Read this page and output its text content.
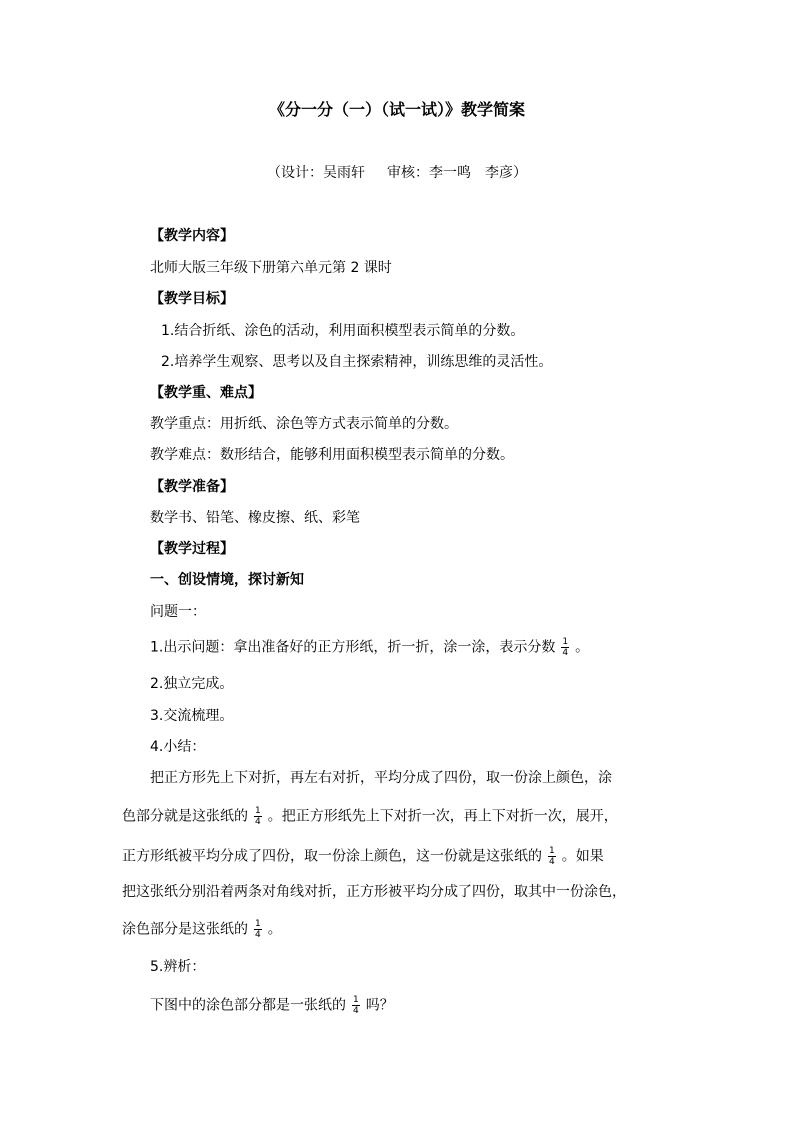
《分一分（一）（试一试）》教学简案
（设计：吴雨轩 审核：李一鸣 李彦）
【教学内容】
北师大版三年级下册第六单元第 2 课时
【教学目标】
1.结合折纸、涂色的活动，利用面积模型表示简单的分数。
2.培养学生观察、思考以及自主探索精神，训练思维的灵活性。
【教学重、难点】
教学重点：用折纸、涂色等方式表示简单的分数。
教学难点：数形结合，能够利用面积模型表示简单的分数。
【教学准备】
数学书、铅笔、橡皮擦、纸、彩笔
【教学过程】
一、创设情境，探讨新知
问题一：
1.出示问题：拿出准备好的正方形纸，折一折，涂一涂，表示分数 $\frac{1}{4}$ 。
2.独立完成。
3.交流梳理。
4.小结：
把正方形先上下对折，再左右对折，平均分成了四份，取一份涂上颜色，涂
色部分就是这张纸的 $\frac{1}{4}$ 。把正方形纸先上下对折一次，再上下对折一次，展开，
正方形纸被平均分成了四份，取一份涂上颜色，这一份就是这张纸的 $\frac{1}{4}$ 。如果
把这张纸分别沿着两条对角线对折，正方形被平均分成了四份，取其中一份涂色，
涂色部分是这张纸的 $\frac{1}{4}$ 。
5.辨析：
下图中的涂色部分都是一张纸的 $\frac{1}{4}$ 吗？
